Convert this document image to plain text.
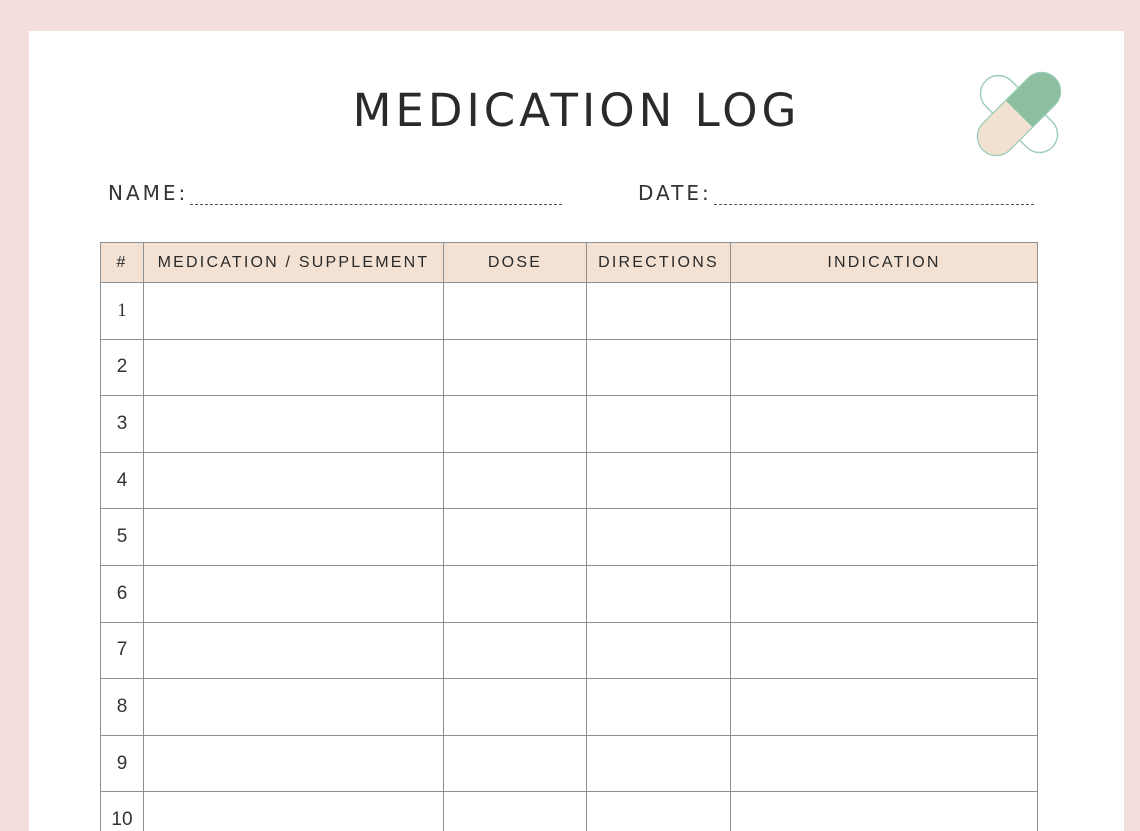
MEDICATION LOG
NAME:	DATE:
#	MEDICATION / SUPPLEMENT	DOSE	DIRECTIONS	INDICATION
1				
2				
3				
4				
5				
6				
7				
8				
9				
10				
